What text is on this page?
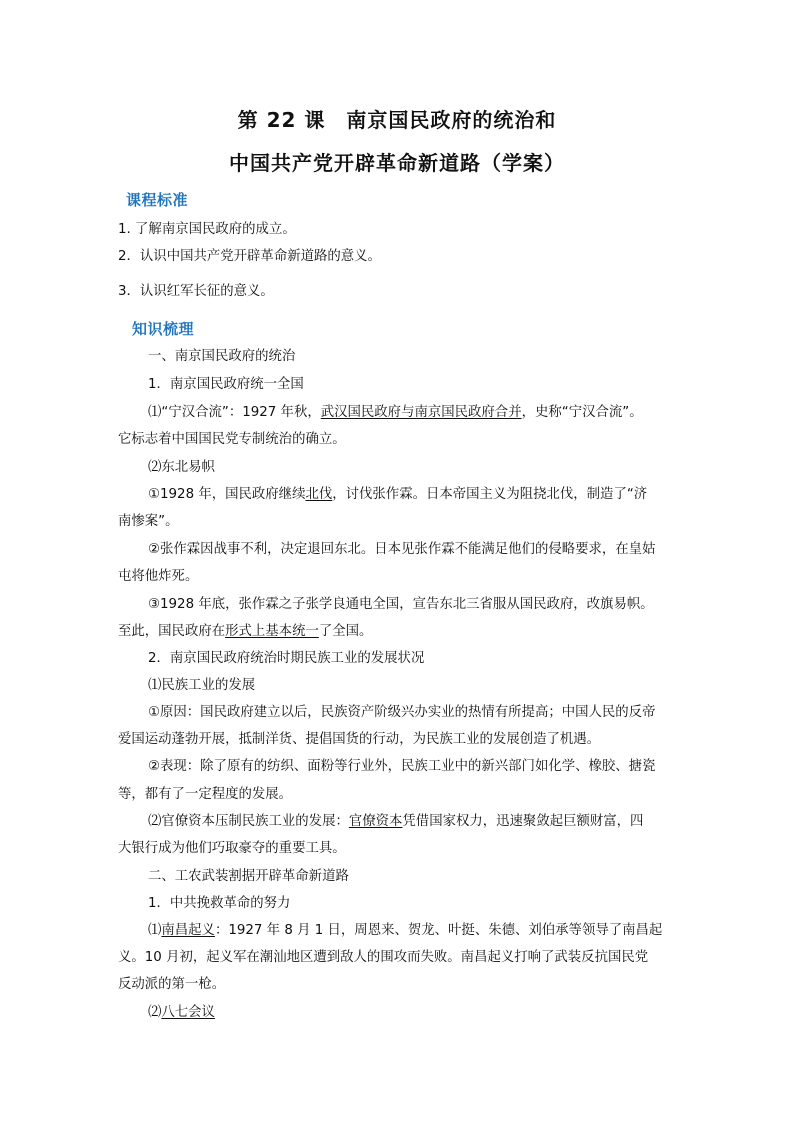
第 22 课　南京国民政府的统治和
中国共产党开辟革命新道路（学案）
课程标准
1. 了解南京国民政府的成立。
2．认识中国共产党开辟革命新道路的意义。
3．认识红军长征的意义。
知识梳理
一、南京国民政府的统治
1．南京国民政府统一全国
⑴“宁汉合流”：1927 年秋，武汉国民政府与南京国民政府合并，史称“宁汉合流”。
它标志着中国国民党专制统治的确立。
⑵东北易帜
①1928 年，国民政府继续北伐，讨伐张作霖。日本帝国主义为阻挠北伐，制造了“济
南惨案”。
②张作霖因战事不利，决定退回东北。日本见张作霖不能满足他们的侵略要求，在皇姑
屯将他炸死。
③1928 年底，张作霖之子张学良通电全国，宣告东北三省服从国民政府，改旗易帜。
至此，国民政府在形式上基本统一了全国。
2．南京国民政府统治时期民族工业的发展状况
⑴民族工业的发展
①原因：国民政府建立以后，民族资产阶级兴办实业的热情有所提高；中国人民的反帝
爱国运动蓬勃开展，抵制洋货、提倡国货的行动，为民族工业的发展创造了机遇。
②表现：除了原有的纺织、面粉等行业外，民族工业中的新兴部门如化学、橡胶、搪瓷
等，都有了一定程度的发展。
⑵官僚资本压制民族工业的发展：官僚资本凭借国家权力，迅速聚敛起巨额财富，四
大银行成为他们巧取豪夺的重要工具。
二、工农武装割据开辟革命新道路
1．中共挽救革命的努力
⑴南昌起义：1927 年 8 月 1 日，周恩来、贺龙、叶挺、朱德、刘伯承等领导了南昌起
义。10 月初，起义军在潮汕地区遭到敌人的围攻而失败。南昌起义打响了武装反抗国民党
反动派的第一枪。
⑵八七会议
